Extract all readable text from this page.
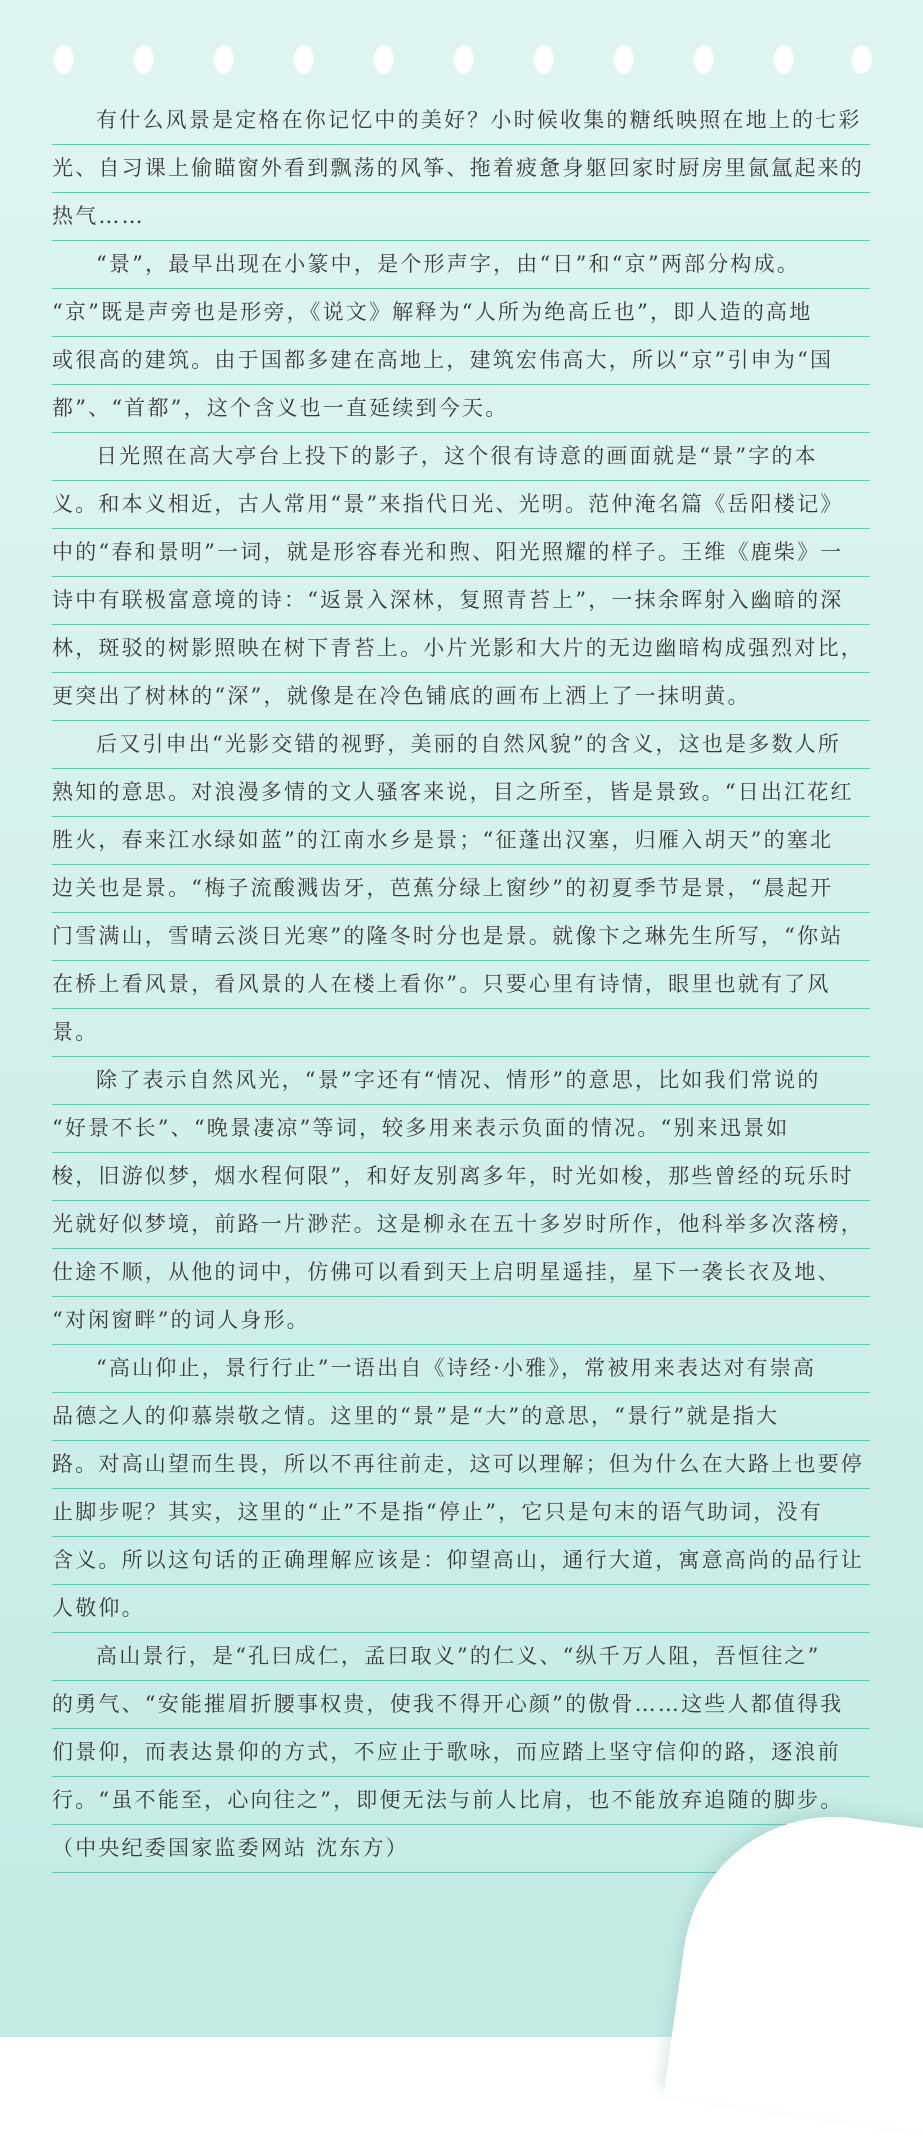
有什么风景是定格在你记忆中的美好？小时候收集的糖纸映照在地上的七彩
光、自习课上偷瞄窗外看到飘荡的风筝、拖着疲惫身躯回家时厨房里氤氲起来的
热气……
“景”，最早出现在小篆中，是个形声字，由“日”和“京”两部分构成。
“京”既是声旁也是形旁，《说文》解释为“人所为绝高丘也”，即人造的高地
或很高的建筑。由于国都多建在高地上，建筑宏伟高大，所以“京”引申为“国
都”、“首都”，这个含义也一直延续到今天。
日光照在高大亭台上投下的影子，这个很有诗意的画面就是“景”字的本
义。和本义相近，古人常用“景”来指代日光、光明。范仲淹名篇《岳阳楼记》
中的“春和景明”一词，就是形容春光和煦、阳光照耀的样子。王维《鹿柴》一
诗中有联极富意境的诗：“返景入深林，复照青苔上”，一抹余晖射入幽暗的深
林，斑驳的树影照映在树下青苔上。小片光影和大片的无边幽暗构成强烈对比，
更突出了树林的“深”，就像是在冷色铺底的画布上洒上了一抹明黄。
后又引申出“光影交错的视野，美丽的自然风貌”的含义，这也是多数人所
熟知的意思。对浪漫多情的文人骚客来说，目之所至，皆是景致。“日出江花红
胜火，春来江水绿如蓝”的江南水乡是景；“征蓬出汉塞，归雁入胡天”的塞北
边关也是景。“梅子流酸溅齿牙，芭蕉分绿上窗纱”的初夏季节是景，“晨起开
门雪满山，雪晴云淡日光寒”的隆冬时分也是景。就像卞之琳先生所写，“你站
在桥上看风景，看风景的人在楼上看你”。只要心里有诗情，眼里也就有了风
景。
除了表示自然风光，“景”字还有“情况、情形”的意思，比如我们常说的
“好景不长”、“晚景凄凉”等词，较多用来表示负面的情况。“别来迅景如
梭，旧游似梦，烟水程何限”，和好友别离多年，时光如梭，那些曾经的玩乐时
光就好似梦境，前路一片渺茫。这是柳永在五十多岁时所作，他科举多次落榜，
仕途不顺，从他的词中，仿佛可以看到天上启明星遥挂，星下一袭长衣及地、
“对闲窗畔”的词人身形。
“高山仰止，景行行止”一语出自《诗经·小雅》，常被用来表达对有崇高
品德之人的仰慕崇敬之情。这里的“景”是“大”的意思，“景行”就是指大
路。对高山望而生畏，所以不再往前走，这可以理解；但为什么在大路上也要停
止脚步呢？其实，这里的“止”不是指“停止”，它只是句末的语气助词，没有
含义。所以这句话的正确理解应该是：仰望高山，通行大道，寓意高尚的品行让
人敬仰。
高山景行，是“孔曰成仁，孟曰取义”的仁义、“纵千万人阻，吾恒往之”
的勇气、“安能摧眉折腰事权贵，使我不得开心颜”的傲骨……这些人都值得我
们景仰，而表达景仰的方式，不应止于歌咏，而应踏上坚守信仰的路，逐浪前
行。“虽不能至，心向往之”，即便无法与前人比肩，也不能放弃追随的脚步。
（中央纪委国家监委网站 沈东方）
